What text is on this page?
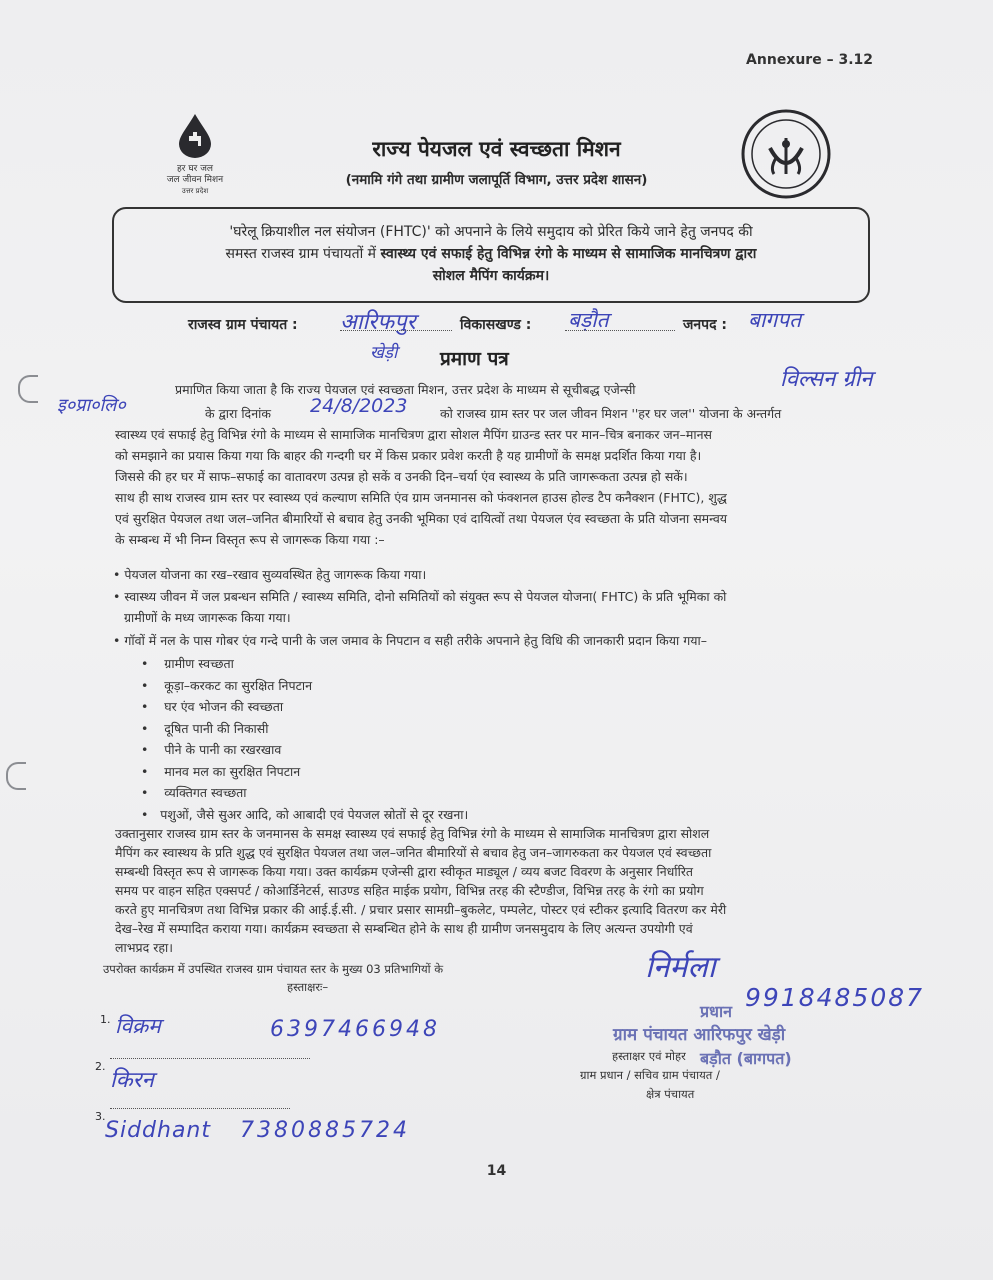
Annexure – 3.12
हर घर जल
जल जीवन मिशन
उत्तर प्रदेश
राज्य पेयजल एवं स्वच्छता मिशन
(नमामि गंगे तथा ग्रामीण जलापूर्ति विभाग, उत्तर प्रदेश शासन)

'घरेलू क्रियाशील नल संयोजन (FHTC)' को अपनाने के लिये समुदाय को प्रेरित किये जाने हेतु जनपद की

समस्त राजस्व ग्राम पंचायतों में स्वास्थ्य एवं सफाई हेतु विभिन्न रंगो के माध्यम से सामाजिक मानचित्रण द्वारा

सोशल मैपिंग कार्यक्रम।

राजस्व ग्राम पंचायत : आरिफपुर
खेड़ी
विकासखण्ड : बड़ौत	जनपद : बागपत
प्रमाण पत्र
प्रमाणित किया जाता है कि राज्य पेयजल एवं स्वच्छता मिशन, उत्तर प्रदेश के माध्यम से सूचीबद्ध एजेन्सी	विल्सन ग्रीन
इ०प्रा०लि०	के द्वारा दिनांक 24/8/2023	को राजस्व ग्राम स्तर पर जल जीवन मिशन ''हर घर जल'' योजना के अन्तर्गत
स्वास्थ्य एवं सफाई हेतु विभिन्न रंगो के माध्यम से सामाजिक मानचित्रण द्वारा सोशल मैपिंग ग्राउन्ड स्तर पर मान–चित्र बनाकर जन–मानस
को समझाने का प्रयास किया गया कि बाहर की गन्दगी घर में किस प्रकार प्रवेश करती है यह ग्रामीणों के समक्ष प्रदर्शित किया गया है।
जिससे की हर घर में साफ–सफाई का वातावरण उत्पन्न हो सकें व उनकी दिन–चर्या एंव स्वास्थ्य के प्रति जागरूकता उत्पन्न हो सकें।
साथ ही साथ राजस्व ग्राम स्तर पर स्वास्थ्य एवं कल्याण समिति एंव ग्राम जनमानस को फंक्शनल हाउस होल्ड टैप कनैक्शन (FHTC), शुद्ध
एवं सुरक्षित पेयजल तथा जल–जनित बीमारियों से बचाव हेतु उनकी भूमिका एवं दायित्वों तथा पेयजल एंव स्वच्छता के प्रति योजना समन्वय
के सम्बन्ध में भी निम्न विस्तृत रूप से जागरूक किया गया :–
• पेयजल योजना का रख–रखाव सुव्यवस्थित हेतु जागरूक किया गया।
• स्वास्थ्य जीवन में जल प्रबन्धन समिति / स्वास्थ्य समिति, दोनो समितियों को संयुक्त रूप से पेयजल योजना( FHTC) के प्रति भूमिका को
ग्रामीणों के मध्य जागरूक किया गया।
• गॉवों में नल के पास गोबर एंव गन्दे पानी के जल जमाव के निपटान व सही तरीके अपनाने हेतु विधि की जानकारी प्रदान किया गया–
•    ग्रामीण स्वच्छता
•    कूड़ा–करकट का सुरक्षित निपटान
•    घर एंव भोजन की स्वच्छता
•    दूषित पानी की निकासी
•    पीने के पानी का रखरखाव
•    मानव मल का सुरक्षित निपटान
•    व्यक्तिगत स्वच्छता
•   पशुओं, जैसे सुअर आदि, को आबादी एवं पेयजल स्रोतों से दूर रखना।
उक्तानुसार राजस्व ग्राम स्तर के जनमानस के समक्ष स्वास्थ्य एवं सफाई हेतु विभिन्न रंगो के माध्यम से सामाजिक मानचित्रण द्वारा सोशल
मैपिंग कर स्वास्थय के प्रति शुद्ध एवं सुरक्षित पेयजल तथा जल–जनित बीमारियों से बचाव हेतु जन–जागरुकता कर पेयजल एवं स्वच्छता
सम्बन्धी विस्तृत रूप से जागरूक किया गया। उक्त कार्यक्रम एजेन्सी द्वारा स्वीकृत माड्यूल / व्यय बजट विवरण के अनुसार निर्धारित
समय पर वाहन सहित एक्सपर्ट / कोआर्डिनेटर्स, साउण्ड सहित माईक प्रयोग, विभिन्न तरह की स्टैण्डीज, विभिन्न तरह के रंगो का प्रयोग
करते हुए मानचित्रण तथा विभिन्न प्रकार की आई.ई.सी. / प्रचार प्रसार सामग्री–बुकलेट, पम्पलेट, पोस्टर एवं स्टीकर इत्यादि वितरण कर मेरी
देख–रेख में सम्पादित कराया गया। कार्यक्रम स्वच्छता से सम्बन्धित होने के साथ ही ग्रामीण जनसमुदाय के लिए अत्यन्त उपयोगी एवं
लाभप्रद रहा।
उपरोक्त कार्यक्रम में उपस्थित राजस्व ग्राम पंचायत स्तर के मुख्य 03 प्रतिभागियों के
हस्ताक्षरः–
1. विक्रम	6397466948
2.
किरन
3.
Siddhant 7380885724
निर्मला
9918485087
प्रधान
ग्राम पंचायत आरिफपुर खेड़ी
हस्ताक्षर एवं मोहर बड़ौत (बागपत)
ग्राम प्रधान / सचिव ग्राम पंचायत /
क्षेत्र पंचायत
14
